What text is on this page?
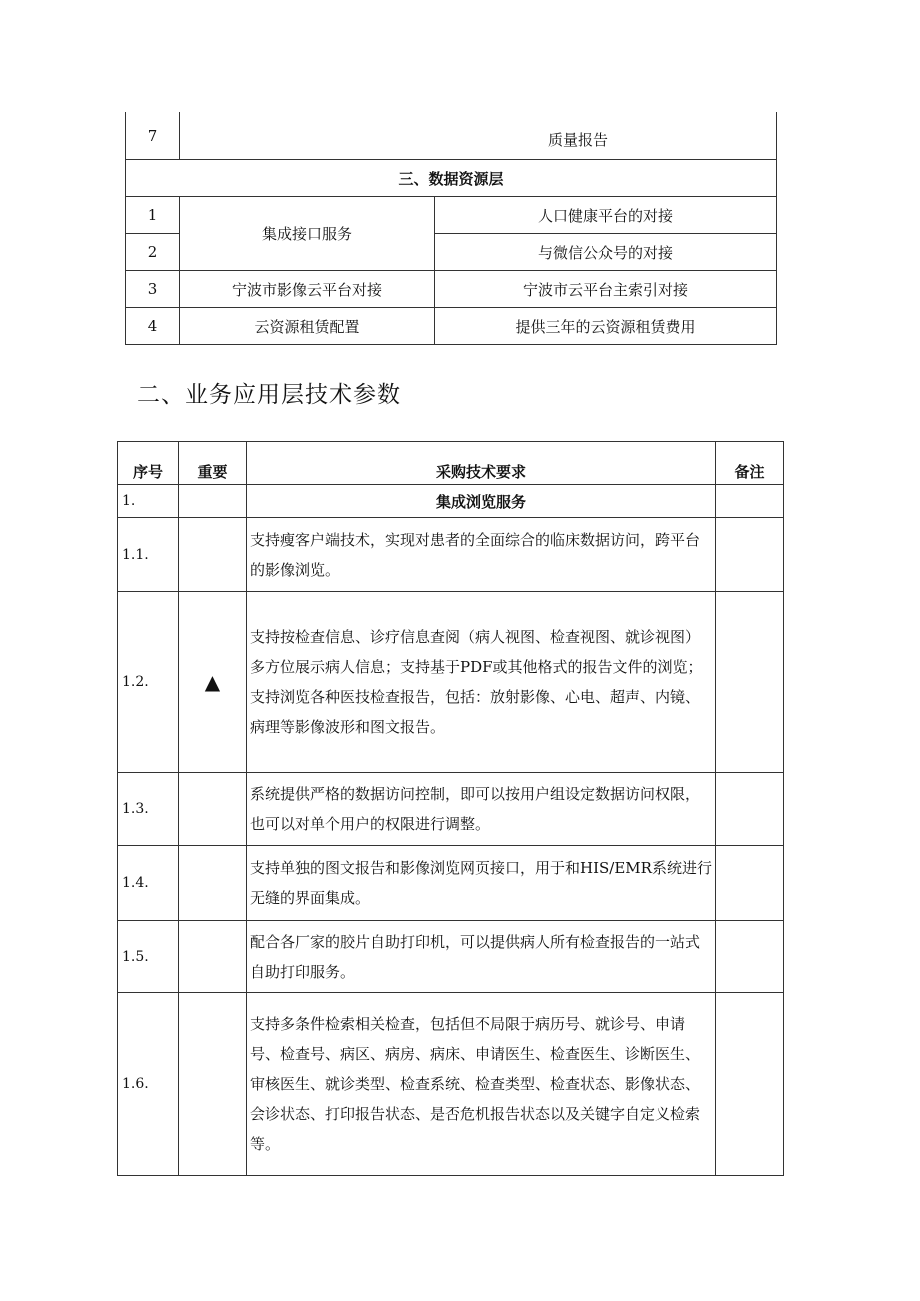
7	质量报告	
三、数据资源层		
1	集成接口服务	人口健康平台的对接
2		与微信公众号的对接
3	宁波市影像云平台对接	宁波市云平台主索引对接
4	云资源租赁配置	提供三年的云资源租赁费用
二、业务应用层技术参数
序号	重要	采购技术要求	备注
1.		集成浏览服务	
1.1.		支持瘦客户端技术，实现对患者的全面综合的临床数据访问，跨平台的影像浏览。	
1.2.	▲	支持按检查信息、诊疗信息查阅（病人视图、检查视图、就诊视图）多方位展示病人信息；支持基于PDF或其他格式的报告文件的浏览；支持浏览各种医技检查报告，包括：放射影像、心电、超声、内镜、病理等影像波形和图文报告。	
1.3.		系统提供严格的数据访问控制，即可以按用户组设定数据访问权限，也可以对单个用户的权限进行调整。	
1.4.		支持单独的图文报告和影像浏览网页接口，用于和HIS/EMR系统进行无缝的界面集成。	
1.5.		配合各厂家的胶片自助打印机，可以提供病人所有检查报告的一站式自助打印服务。	
1.6.		支持多条件检索相关检查，包括但不局限于病历号、就诊号、申请号、检查号、病区、病房、病床、申请医生、检查医生、诊断医生、审核医生、就诊类型、检查系统、检查类型、检查状态、影像状态、会诊状态、打印报告状态、是否危机报告状态以及关键字自定义检索等。	
